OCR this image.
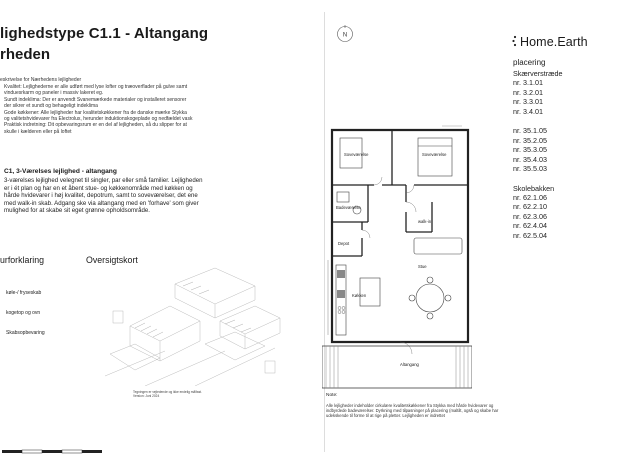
lighedstype C1.1 - Altangang
rheden
eskrivelse for Nærhedens lejligheder
Kvalitet: Lejlighederne er alle udført med lyse lofter og træoverflader på gulve samt
vinduesrkarm og paneler i massiv lakeret eg.
Sundt indeklima: Der er anvendt Svanemærkede materialer og installeret sensorer
der sikrer et sundt og behageligt indeklima
Gode køkkener: Alle lejligheder har kvalitetskøkkener fra de danske mærke Stykka
og valitetshvidevarer fra Electrolux, herunder induktionskogeplade og nedfældet vask
Praktisk indretning: Dit opbevaringsrum er en del af lejligheden, så du slipper for at
skulle i kælderen eller på loftet
C1, 3-Værelses lejlighed - altangang
3-værelses lejlighed velegnet til singler, par eller små familier. Lejligheden
er i ét plan og har en et åbent stue- og køkkenområde med køkken og
hårde hvidevarer i høj kvalitet, depotrum, samt to soveværelser, det ene
med walk-in skab. Adgang ske via altangang med en 'forhave' som giver
mulighed for at skabe sit eget grønne opholdsområde.
urforklaring	Oversigtskort
køle-/ fryseskab
kogetop og ovn
Skabsopbevaring
Tegningen er vejledende og ikke endelig målfast. Version: Juni 2024
N
Soveværelse	Soveværelse
Badeværelse
walk-in
Depot
Stue
Køkken
Altangang
Note:
Alle lejligheder indeholder cirkulære kvalitetskøkkener fra Stykka med hårde hvidevarer og indbyrdede badeværelser. Dyrkning med tilpasninger på placering (maltilt, også og skabe har udekskende til forme til at rige på pletter. Lejligheden er indrettet
Home.Earth
placering
Skærverstræde
nr. 3.1.01
nr. 3.2.01
nr. 3.3.01
nr. 3.4.01
nr. 35.1.05
nr. 35.2.05
nr. 35.3.05
nr. 35.4.03
nr. 35.5.03
Skolebakken
nr. 62.1.06
nr. 62.2.10
nr. 62.3.06
nr. 62.4.04
nr. 62.5.04
